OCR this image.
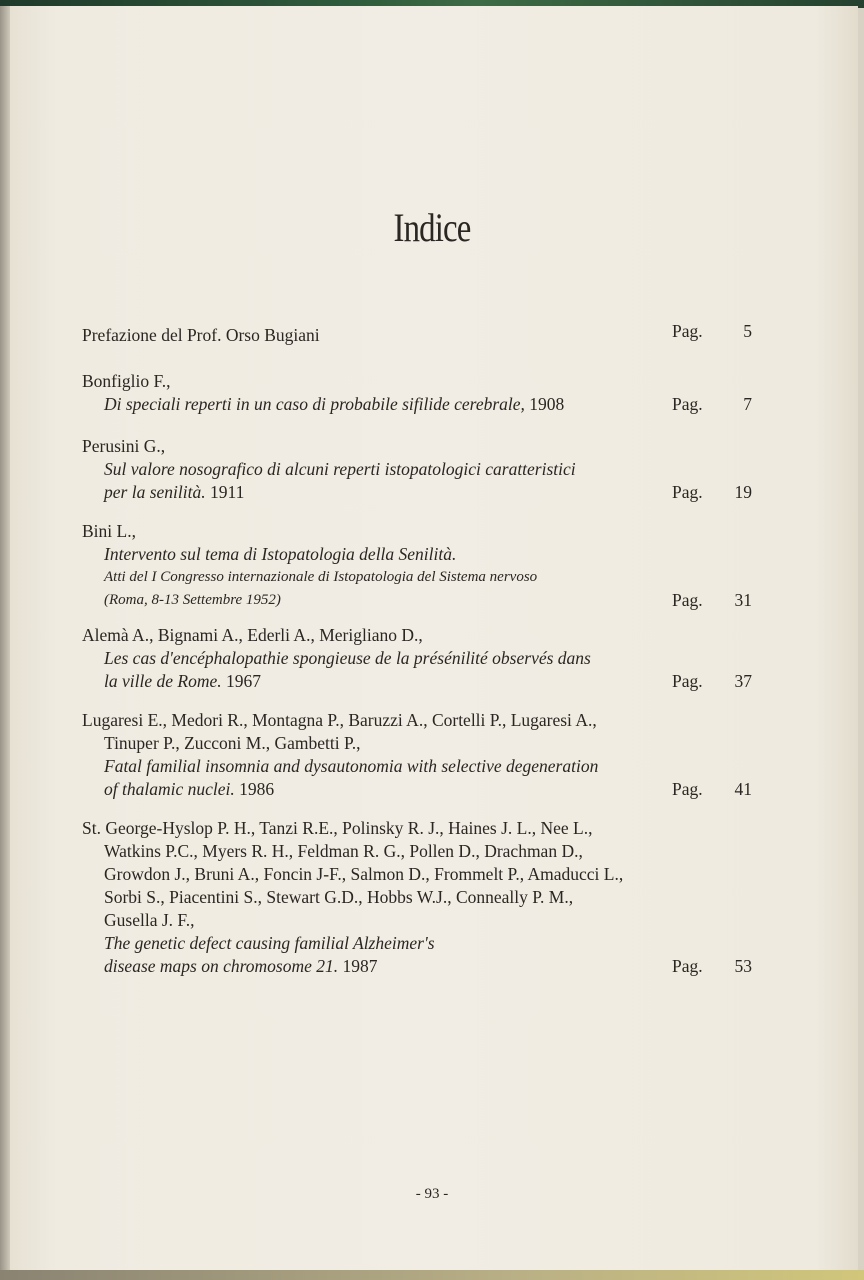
Indice
Prefazione del Prof. Orso Bugiani	Pag. 5
Bonfiglio F.,
Di speciali reperti in un caso di probabile sifilide cerebrale, 1908	Pag. 7
Perusini G.,
Sul valore nosografico di alcuni reperti istopatologici caratteristici
per la senilità. 1911	Pag. 19
Bini L.,
Intervento sul tema di Istopatologia della Senilità.
Atti del I Congresso internazionale di Istopatologia del Sistema nervoso
(Roma, 8-13 Settembre 1952)	Pag. 31
Alemà A., Bignami A., Ederli A., Merigliano D.,
Les cas d'encéphalopathie spongieuse de la présénilité observés dans
la ville de Rome. 1967	Pag. 37
Lugaresi E., Medori R., Montagna P., Baruzzi A., Cortelli P., Lugaresi A.,
Tinuper P., Zucconi M., Gambetti P.,
Fatal familial insomnia and dysautonomia with selective degeneration
of thalamic nuclei. 1986	Pag. 41
St. George-Hyslop P. H., Tanzi R.E., Polinsky R. J., Haines J. L., Nee L.,
Watkins P.C., Myers R. H., Feldman R. G., Pollen D., Drachman D.,
Growdon J., Bruni A., Foncin J-F., Salmon D., Frommelt P., Amaducci L.,
Sorbi S., Piacentini S., Stewart G.D., Hobbs W.J., Conneally P. M.,
Gusella J. F.,
The genetic defect causing familial Alzheimer's
disease maps on chromosome 21. 1987	Pag. 53
- 93 -
